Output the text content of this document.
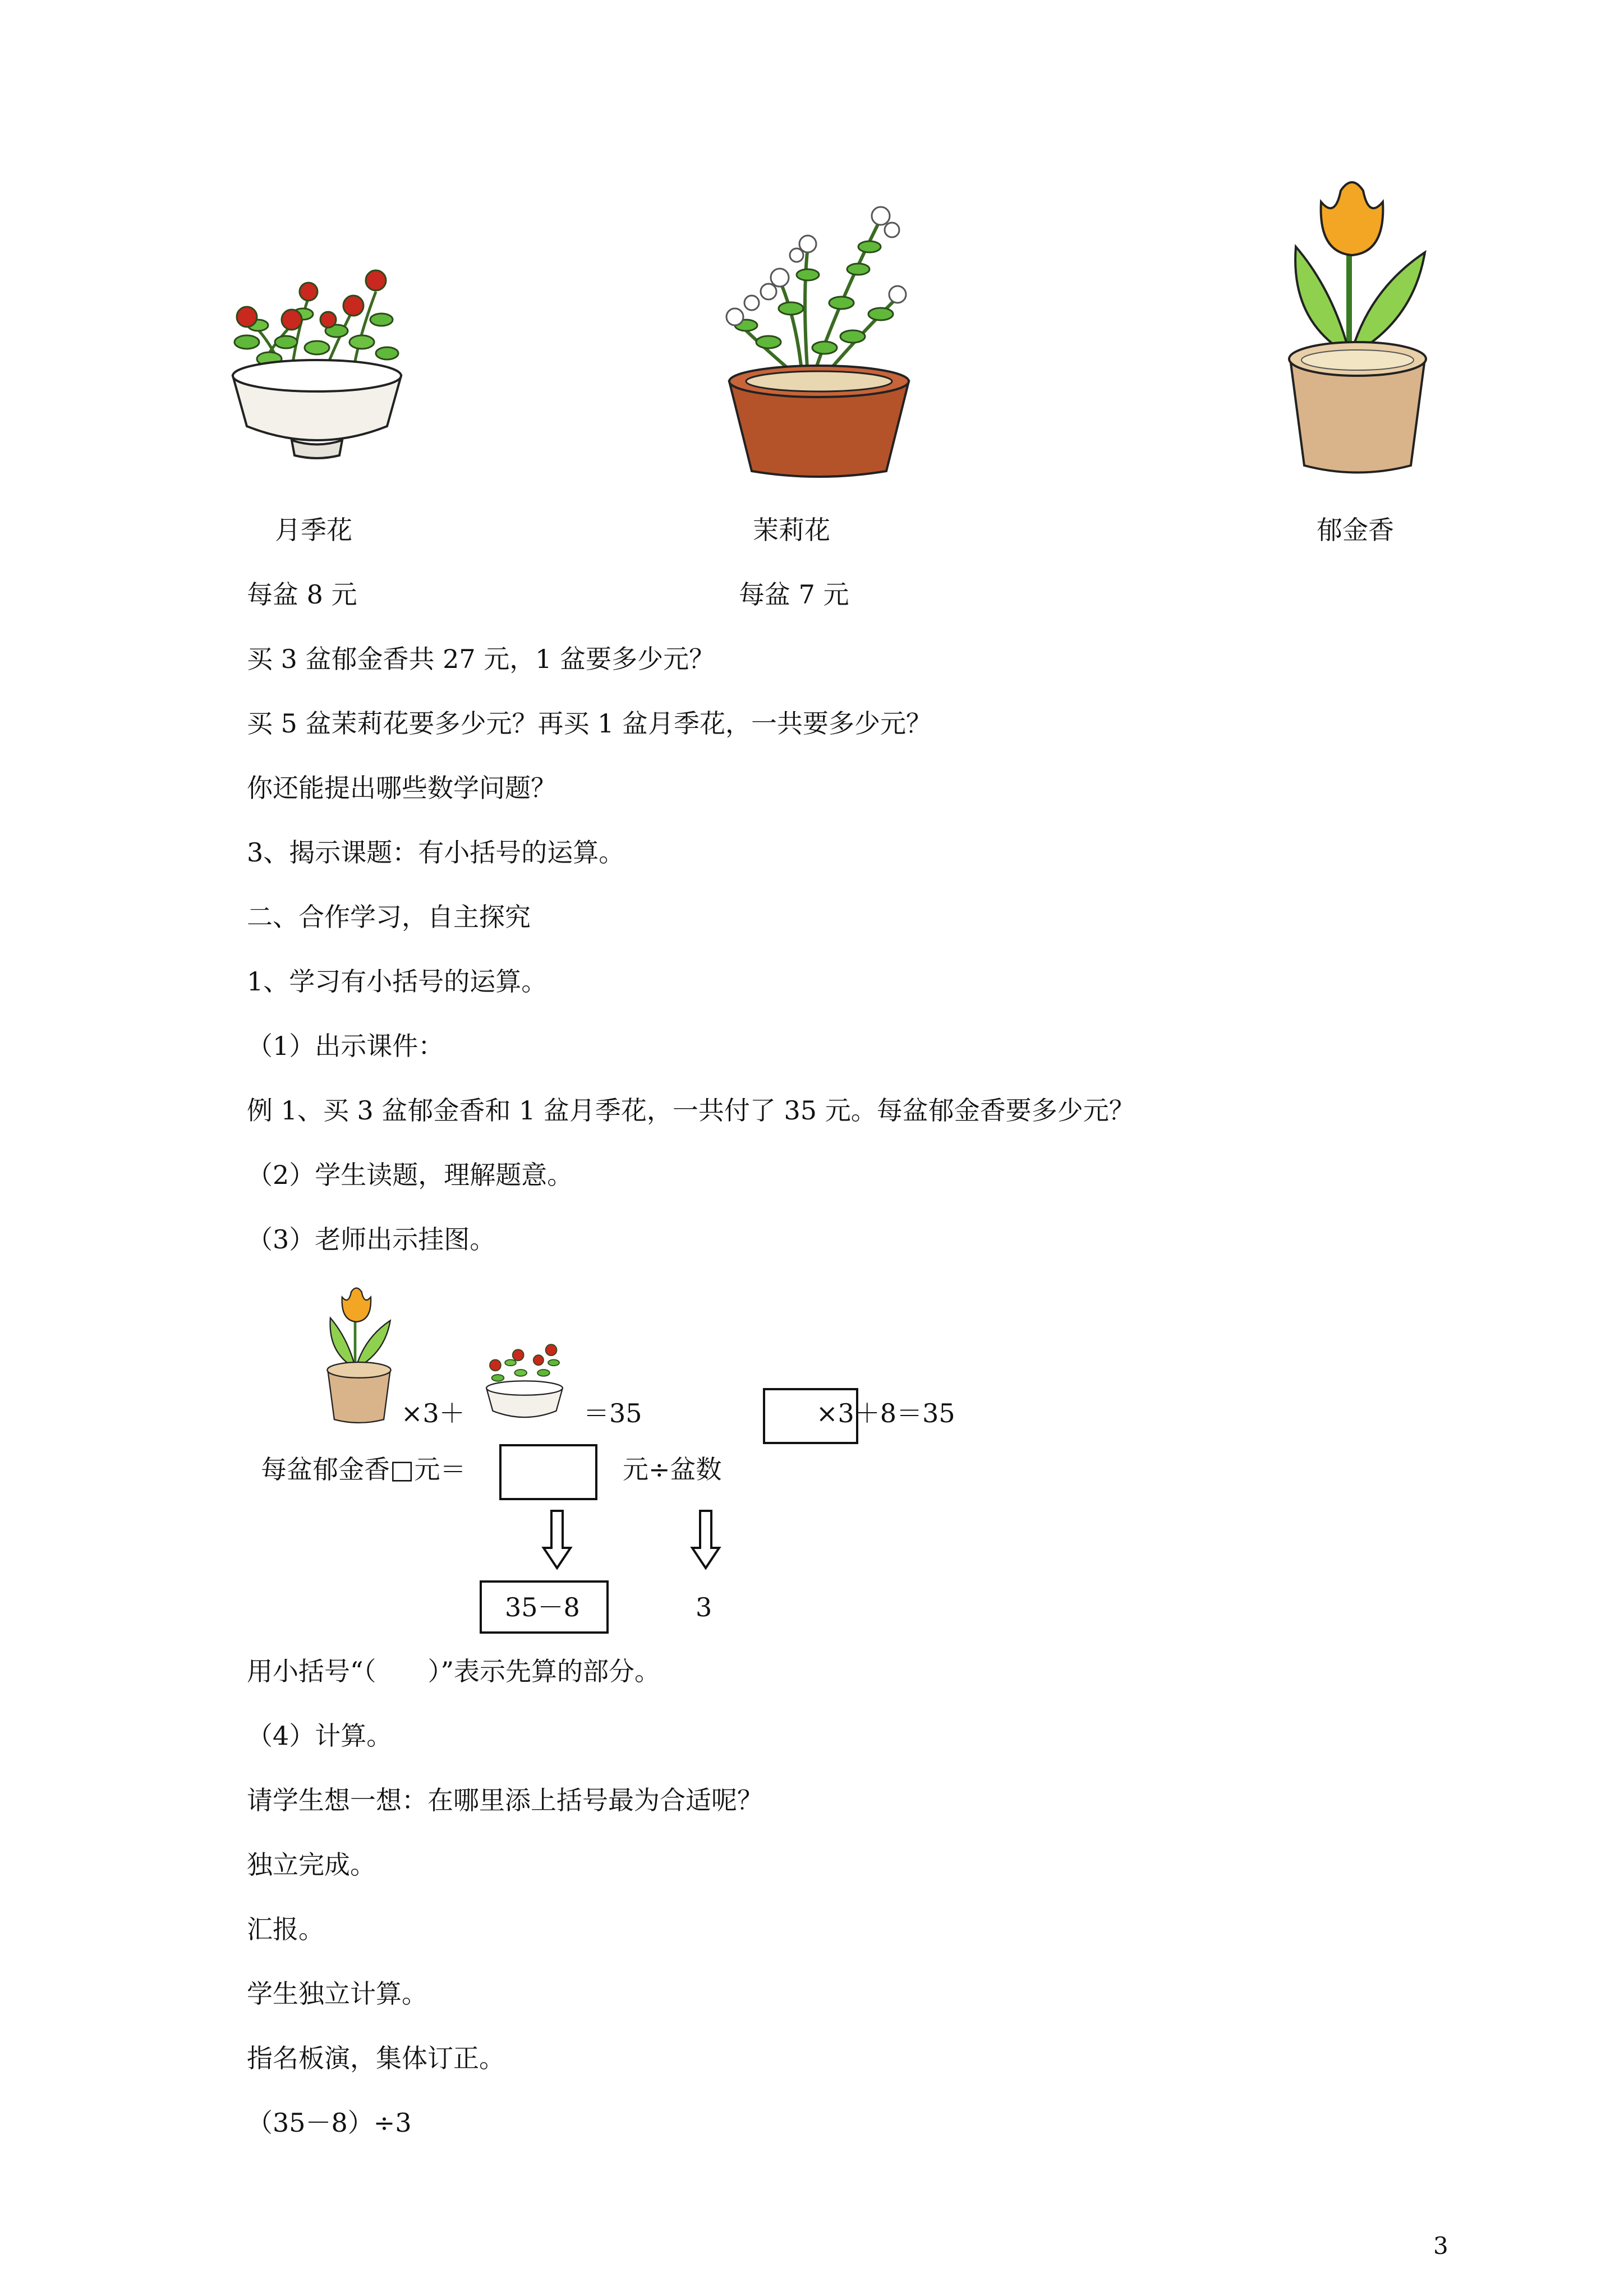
月季花	茉莉花	郁金香
每盆 8 元	每盆 7 元
买 3 盆郁金香共 27 元，1 盆要多少元？
买 5 盆茉莉花要多少元？再买 1 盆月季花，一共要多少元？
你还能提出哪些数学问题？
3、揭示课题：有小括号的运算。
二、合作学习，自主探究
1、学习有小括号的运算。
（1）出示课件：
例 1、买 3 盆郁金香和 1 盆月季花，一共付了 35 元。每盆郁金香要多少元？
（2）学生读题，理解题意。
（3）老师出示挂图。
×3＋	＝35	×3＋8＝35
每盆郁金香□元＝	元÷盆数
35－8	3
用小括号“（　　）”表示先算的部分。
（4）计算。
请学生想一想：在哪里添上括号最为合适呢？
独立完成。
汇报。
学生独立计算。
指名板演，集体订正。
（35－8）÷3
3
